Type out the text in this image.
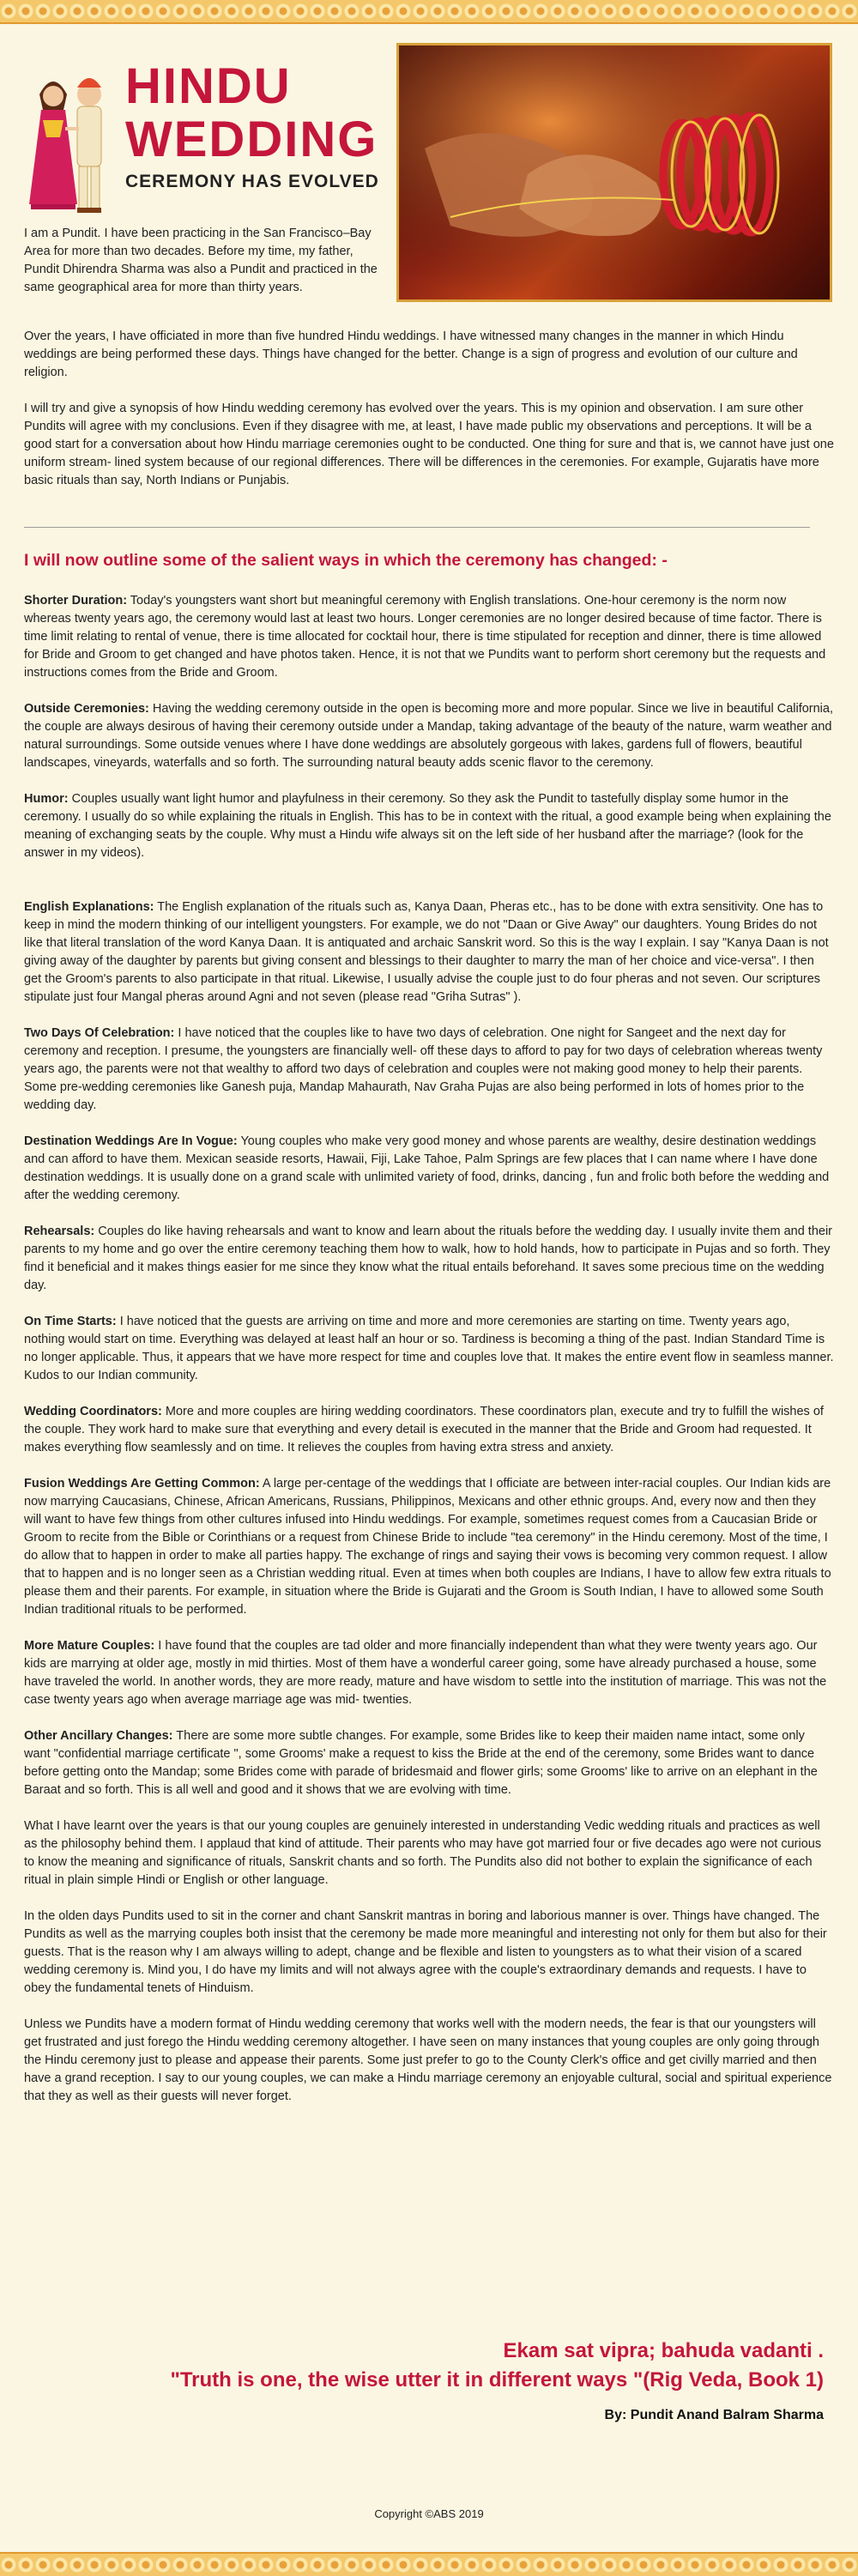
HINDU
WEDDING
CEREMONY HAS EVOLVED
I am a Pundit. I have been practicing in the San Francisco–Bay Area for more than two decades. Before my time, my father, Pundit Dhirendra Sharma was also a Pundit and practiced in the same geographical area for more than thirty years.

Over the years, I have officiated in more than five hundred Hindu weddings. I have witnessed many changes in the manner in which Hindu weddings are being performed these days. Things have changed for the better. Change is a sign of progress and evolution of our culture and religion.

I will try and give a synopsis of how Hindu wedding ceremony has evolved over the years. This is my opinion and observation. I am sure other Pundits will agree with my conclusions. Even if they disagree with me, at least, I have made public my observations and perceptions. It will be a good start for a conversation about how Hindu marriage ceremonies ought to be conducted. One thing for sure and that is, we cannot have just one uniform stream- lined system because of our regional differences. There will be differences in the ceremonies. For example, Gujaratis have more basic rituals than say, North Indians or Punjabis.

I will now outline some of the salient ways in which the ceremony has changed: -

Shorter Duration: Today's youngsters want short but meaningful ceremony with English translations. One-hour ceremony is the norm now whereas twenty years ago, the ceremony would last at least two hours. Longer ceremonies are no longer desired because of time factor. There is time limit relating to rental of venue, there is time allocated for cocktail hour, there is time stipulated for reception and dinner, there is time allowed for Bride and Groom to get changed and have photos taken. Hence, it is not that we Pundits want to perform short ceremony but the requests and instructions comes from the Bride and Groom.

Outside Ceremonies: Having the wedding ceremony outside in the open is becoming more and more popular. Since we live in beautiful California, the couple are always desirous of having their ceremony outside under a Mandap, taking advantage of the beauty of the nature, warm weather and natural surroundings. Some outside venues where I have done weddings are absolutely gorgeous with lakes, gardens full of flowers, beautiful landscapes, vineyards, waterfalls and so forth. The surrounding natural beauty adds scenic flavor to the ceremony.

Humor: Couples usually want light humor and playfulness in their ceremony. So they ask the Pundit to tastefully display some humor in the ceremony. I usually do so while explaining the rituals in English. This has to be in context with the ritual, a good example being when explaining the meaning of exchanging seats by the couple. Why must a Hindu wife always sit on the left side of her husband after the marriage? (look for the answer in my videos).

English Explanations: The English explanation of the rituals such as, Kanya Daan, Pheras etc., has to be done with extra sensitivity. One has to keep in mind the modern thinking of our intelligent youngsters. For example, we do not "Daan or Give Away" our daughters. Young Brides do not like that literal translation of the word Kanya Daan. It is antiquated and archaic Sanskrit word. So this is the way I explain. I say "Kanya Daan is not giving away of the daughter by parents but giving consent and blessings to their daughter to marry the man of her choice and vice-versa". I then get the Groom's parents to also participate in that ritual. Likewise, I usually advise the couple just to do four pheras and not seven. Our scriptures stipulate just four Mangal pheras around Agni and not seven (please read "Griha Sutras" ).

Two Days Of Celebration: I have noticed that the couples like to have two days of celebration. One night for Sangeet and the next day for ceremony and reception. I presume, the youngsters are financially well- off these days to afford to pay for two days of celebration whereas twenty years ago, the parents were not that wealthy to afford two days of celebration and couples were not making good money to help their parents. Some pre-wedding ceremonies like Ganesh puja, Mandap Mahaurath, Nav Graha Pujas are also being performed in lots of homes prior to the wedding day.

Destination Weddings Are In Vogue: Young couples who make very good money and whose parents are wealthy, desire destination weddings and can afford to have them. Mexican seaside resorts, Hawaii, Fiji, Lake Tahoe, Palm Springs are few places that I can name where I have done destination weddings. It is usually done on a grand scale with unlimited variety of food, drinks, dancing , fun and frolic both before the wedding and after the wedding ceremony.

Rehearsals: Couples do like having rehearsals and want to know and learn about the rituals before the wedding day. I usually invite them and their parents to my home and go over the entire ceremony teaching them how to walk, how to hold hands, how to participate in Pujas and so forth. They find it beneficial and it makes things easier for me since they know what the ritual entails beforehand. It saves some precious time on the wedding day.

On Time Starts: I have noticed that the guests are arriving on time and more and more ceremonies are starting on time. Twenty years ago, nothing would start on time. Everything was delayed at least half an hour or so. Tardiness is becoming a thing of the past. Indian Standard Time is no longer applicable. Thus, it appears that we have more respect for time and couples love that. It makes the entire event flow in seamless manner. Kudos to our Indian community.

Wedding Coordinators: More and more couples are hiring wedding coordinators. These coordinators plan, execute and try to fulfill the wishes of the couple. They work hard to make sure that everything and every detail is executed in the manner that the Bride and Groom had requested. It makes everything flow seamlessly and on time. It relieves the couples from having extra stress and anxiety.

Fusion Weddings Are Getting Common: A large per-centage of the weddings that I officiate are between inter-racial couples. Our Indian kids are now marrying Caucasians, Chinese, African Americans, Russians, Philippinos, Mexicans and other ethnic groups. And, every now and then they will want to have few things from other cultures infused into Hindu weddings. For example, sometimes request comes from a Caucasian Bride or Groom to recite from the Bible or Corinthians or a request from Chinese Bride to include "tea ceremony" in the Hindu ceremony. Most of the time, I do allow that to happen in order to make all parties happy. The exchange of rings and saying their vows is becoming very common request. I allow that to happen and is no longer seen as a Christian wedding ritual. Even at times when both couples are Indians, I have to allow few extra rituals to please them and their parents. For example, in situation where the Bride is Gujarati and the Groom is South Indian, I have to allowed some South Indian traditional rituals to be performed.

More Mature Couples: I have found that the couples are tad older and more financially independent than what they were twenty years ago. Our kids are marrying at older age, mostly in mid thirties. Most of them have a wonderful career going, some have already purchased a house, some have traveled the world. In another words, they are more ready, mature and have wisdom to settle into the institution of marriage. This was not the case twenty years ago when average marriage age was mid- twenties.

Other Ancillary Changes: There are some more subtle changes. For example, some Brides like to keep their maiden name intact, some only want "confidential marriage certificate ", some Grooms' make a request to kiss the Bride at the end of the ceremony, some Brides want to dance before getting onto the Mandap; some Brides come with parade of bridesmaid and flower girls; some Grooms' like to arrive on an elephant in the Baraat and so forth. This is all well and good and it shows that we are evolving with time.

What I have learnt over the years is that our young couples are genuinely interested in understanding Vedic wedding rituals and practices as well as the philosophy behind them. I applaud that kind of attitude. Their parents who may have got married four or five decades ago were not curious to know the meaning and significance of rituals, Sanskrit chants and so forth. The Pundits also did not bother to explain the significance of each ritual in plain simple Hindi or English or other language.

In the olden days Pundits used to sit in the corner and chant Sanskrit mantras in boring and laborious manner is over. Things have changed. The Pundits as well as the marrying couples both insist that the ceremony be made more meaningful and interesting not only for them but also for their guests. That is the reason why I am always willing to adept, change and be flexible and listen to youngsters as to what their vision of a scared wedding ceremony is. Mind you, I do have my limits and will not always agree with the couple's extraordinary demands and requests. I have to obey the fundamental tenets of Hinduism.

Unless we Pundits have a modern format of Hindu wedding ceremony that works well with the modern needs, the fear is that our youngsters will get frustrated and just forego the Hindu wedding ceremony altogether. I have seen on many instances that young couples are only going through the Hindu ceremony just to please and appease their parents. Some just prefer to go to the County Clerk's office and get civilly married and then have a grand reception. I say to our young couples, we can make a Hindu marriage ceremony an enjoyable cultural, social and spiritual experience that they as well as their guests will never forget.

Ekam sat vipra; bahuda vadanti .
"Truth is one, the wise utter it in different ways "(Rig Veda, Book 1)
By: Pundit Anand Balram Sharma
Copyright ©ABS 2019
